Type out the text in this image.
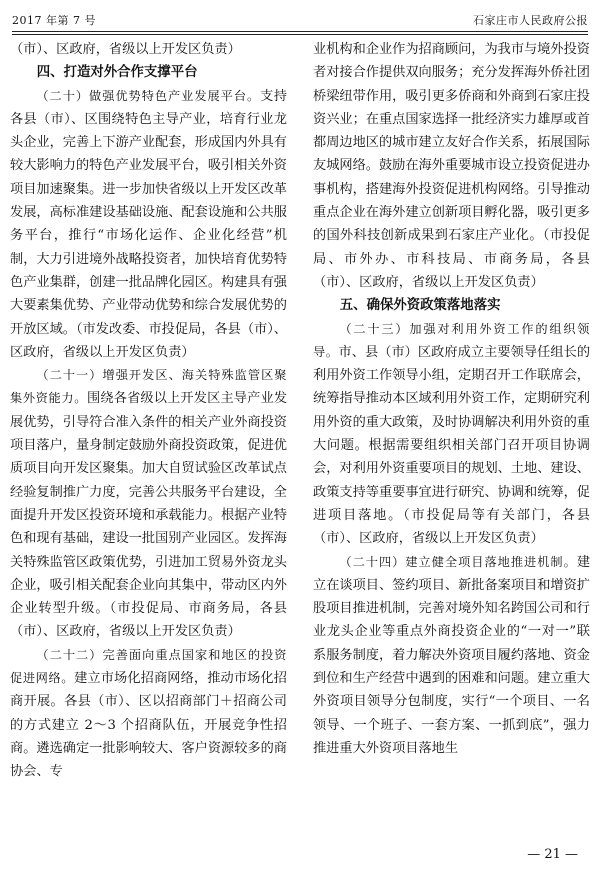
2017 年第 7 号	石家庄市人民政府公报

（市）、区政府，省级以上开发区负责）

四、打造对外合作支撑平台

（二十）做强优势特色产业发展平台。支持各县（市）、区围绕特色主导产业，培育行业龙头企业，完善上下游产业配套，形成国内外具有较大影响力的特色产业发展平台，吸引相关外资项目加速聚集。进一步加快省级以上开发区改革发展，高标准建设基础设施、配套设施和公共服务平台，推行“市场化运作、企业化经营”机制，大力引进境外战略投资者，加快培育优势特色产业集群，创建一批品牌化园区。构建具有强大要素集优势、产业带动优势和综合发展优势的开放区域。（市发改委、市投促局，各县（市）、区政府，省级以上开发区负责）

（二十一）增强开发区、海关特殊监管区聚集外资能力。围绕各省级以上开发区主导产业发展优势，引导符合准入条件的相关产业外商投资项目落户，量身制定鼓励外商投资政策，促进优质项目向开发区聚集。加大自贸试验区改革试点经验复制推广力度，完善公共服务平台建设，全面提升开发区投资环境和承载能力。根据产业特色和现有基础，建设一批国别产业园区。发挥海关特殊监管区政策优势，引进加工贸易外资龙头企业，吸引相关配套企业向其集中，带动区内外企业转型升级。（市投促局、市商务局，各县（市）、区政府，省级以上开发区负责）

（二十二）完善面向重点国家和地区的投资促进网络。建立市场化招商网络，推动市场化招商开展。各县（市）、区以招商部门＋招商公司的方式建立 2～3 个招商队伍，开展竞争性招商。遴选确定一批影响较大、客户资源较多的商协会、专

业机构和企业作为招商顾问，为我市与境外投资者对接合作提供双向服务；充分发挥海外侨社团桥梁纽带作用，吸引更多侨商和外商到石家庄投资兴业；在重点国家选择一批经济实力雄厚或首都周边地区的城市建立友好合作关系，拓展国际友城网络。鼓励在海外重要城市设立投资促进办事机构，搭建海外投资促进机构网络。引导推动重点企业在海外建立创新项目孵化器，吸引更多的国外科技创新成果到石家庄产业化。（市投促局、市外办、市科技局、市商务局，各县（市）、区政府，省级以上开发区负责）

五、确保外资政策落地落实

（二十三）加强对利用外资工作的组织领导。市、县（市）区政府成立主要领导任组长的利用外资工作领导小组，定期召开工作联席会，统筹指导推动本区域利用外资工作，定期研究利用外资的重大政策，及时协调解决利用外资的重大问题。根据需要组织相关部门召开项目协调会，对利用外资重要项目的规划、土地、建设、政策支持等重要事宜进行研究、协调和统筹，促进项目落地。（市投促局等有关部门，各县（市）、区政府，省级以上开发区负责）

（二十四）建立健全项目落地推进机制。建立在谈项目、签约项目、新批备案项目和增资扩股项目推进机制，完善对境外知名跨国公司和行业龙头企业等重点外商投资企业的“一对一”联系服务制度，着力解决外资项目履约落地、资金到位和生产经营中遇到的困难和问题。建立重大外资项目领导分包制度，实行“一个项目、一名领导、一个班子、一套方案、一抓到底”，强力推进重大外资项目落地生

— 21 —
